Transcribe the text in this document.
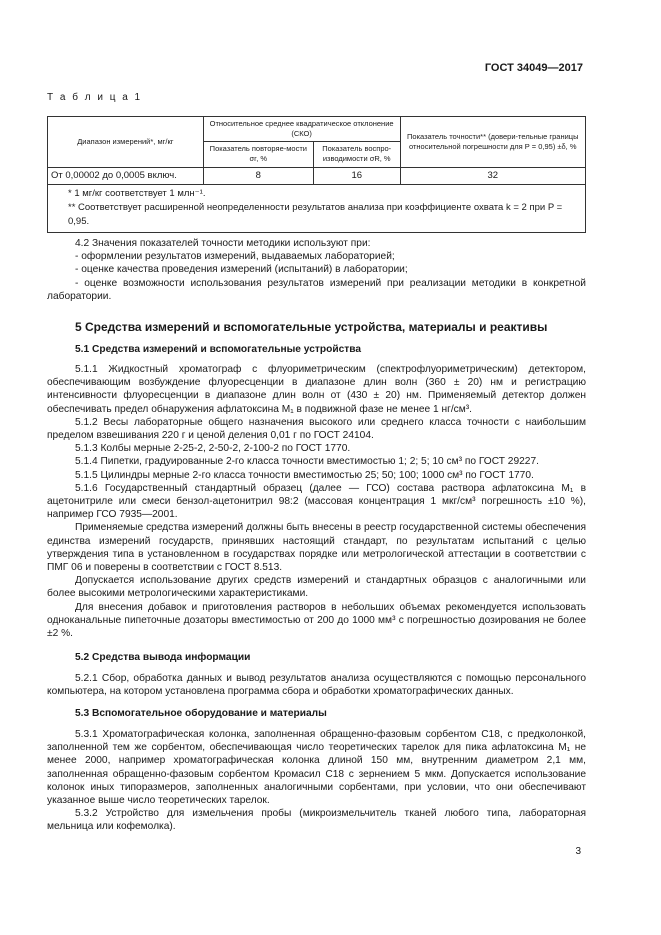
ГОСТ 34049—2017
Т а б л и ц а 1
Диапазон измерений*, мг/кг	Относительное среднее квадратическое отклонение (СКО)		Показатель точности** (довери-тельные границы относительной погрешности для P = 0,95) ±δ, %
	Показатель повторяе-мости σr, %	Показатель воспро-изводимости σR, %	
От 0,00002 до 0,0005 включ.	8	16	32

* 1 мг/кг соответствует 1 млн⁻¹.

** Соответствует расширенной неопределенности результатов анализа при коэффициенте охвата k = 2 при P = 0,95.			

4.2 Значения показателей точности методики используют при:

- оформлении результатов измерений, выдаваемых лабораторией;

- оценке качества проведения измерений (испытаний) в лаборатории;

- оценке возможности использования результатов измерений при реализации методики в конкретной лаборатории.

5 Средства измерений и вспомогательные устройства, материалы и реактивы
5.1 Средства измерений и вспомогательные устройства

5.1.1 Жидкостный хроматограф с флуориметрическим (спектрофлуориметрическим) детектором, обеспечивающим возбуждение флуоресценции в диапазоне длин волн (360 ± 20) нм и регистрацию интенсивности флуоресценции в диапазоне длин волн от (430 ± 20) нм. Применяемый детектор должен обеспечивать предел обнаружения афлатоксина M₁ в подвижной фазе не менее 1 нг/см³.

5.1.2 Весы лабораторные общего назначения высокого или среднего класса точности с наибольшим пределом взвешивания 220 г и ценой деления 0,01 г по ГОСТ 24104.

5.1.3 Колбы мерные 2-25-2, 2-50-2, 2-100-2 по ГОСТ 1770.

5.1.4 Пипетки, градуированные 2-го класса точности вместимостью 1; 2; 5; 10 см³ по ГОСТ 29227.

5.1.5 Цилиндры мерные 2-го класса точности вместимостью 25; 50; 100; 1000 см³ по ГОСТ 1770.

5.1.6 Государственный стандартный образец (далее — ГСО) состава раствора афлатоксина M₁ в ацетонитриле или смеси бензол-ацетонитрил 98:2 (массовая концентрация 1 мкг/см³ погрешность ±10 %), например ГСО 7935—2001.

Применяемые средства измерений должны быть внесены в реестр государственной системы обеспечения единства измерений государств, принявших настоящий стандарт, по результатам испытаний с целью утверждения типа в установленном в государствах порядке или метрологической аттестации в соответствии с ПМГ 06 и поверены в соответствии с ГОСТ 8.513.

Допускается использование других средств измерений и стандартных образцов с аналогичными или более высокими метрологическими характеристиками.

Для внесения добавок и приготовления растворов в небольших объемах рекомендуется использовать одноканальные пипеточные дозаторы вместимостью от 200 до 1000 мм³ с погрешностью дозирования не более ±2 %.

5.2 Средства вывода информации

5.2.1 Сбор, обработка данных и вывод результатов анализа осуществляются с помощью персонального компьютера, на котором установлена программа сбора и обработки хроматографических данных.

5.3 Вспомогательное оборудование и материалы

5.3.1 Хроматографическая колонка, заполненная обращенно-фазовым сорбентом C18, с предколонкой, заполненной тем же сорбентом, обеспечивающая число теоретических тарелок для пика афлатоксина M₁ не менее 2000, например хроматографическая колонка длиной 150 мм, внутренним диаметром 2,1 мм, заполненная обращенно-фазовым сорбентом Кромасил C18 с зернением 5 мкм. Допускается использование колонок иных типоразмеров, заполненных аналогичными сорбентами, при условии, что они обеспечивают указанное выше число теоретических тарелок.

5.3.2 Устройство для измельчения пробы (микроизмельчитель тканей любого типа, лабораторная мельница или кофемолка).

3
